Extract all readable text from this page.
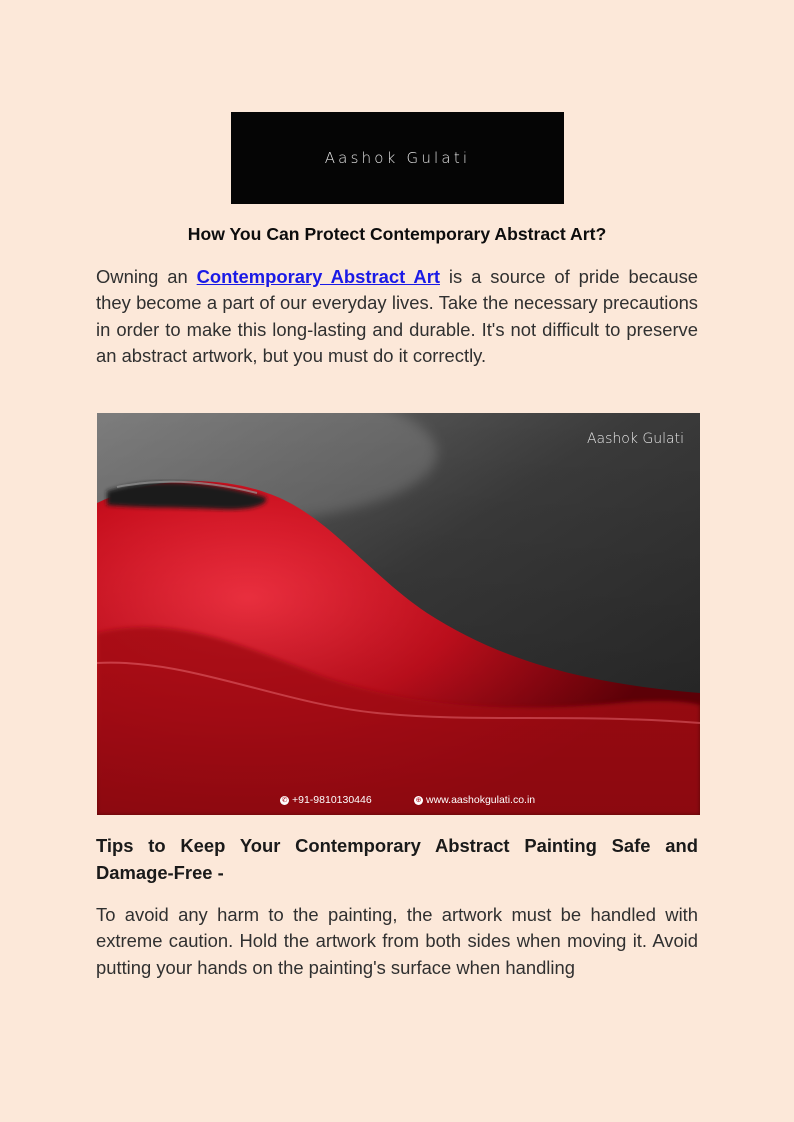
Aashok Gulati
How You Can Protect Contemporary Abstract Art?

Owning an Contemporary Abstract Art is a source of pride because they become a part of our everyday lives. Take the necessary precautions in order to make this long-lasting and durable. It's not difficult to preserve an abstract artwork, but you must do it correctly.

Aashok Gulati
✆ +91-9810130446	⊕ www.aashokgulati.co.in
Tips to Keep Your Contemporary Abstract Painting Safe and Damage-Free -

To avoid any harm to the painting, the artwork must be handled with extreme caution. Hold the artwork from both sides when moving it. Avoid putting your hands on the painting's surface when handling
